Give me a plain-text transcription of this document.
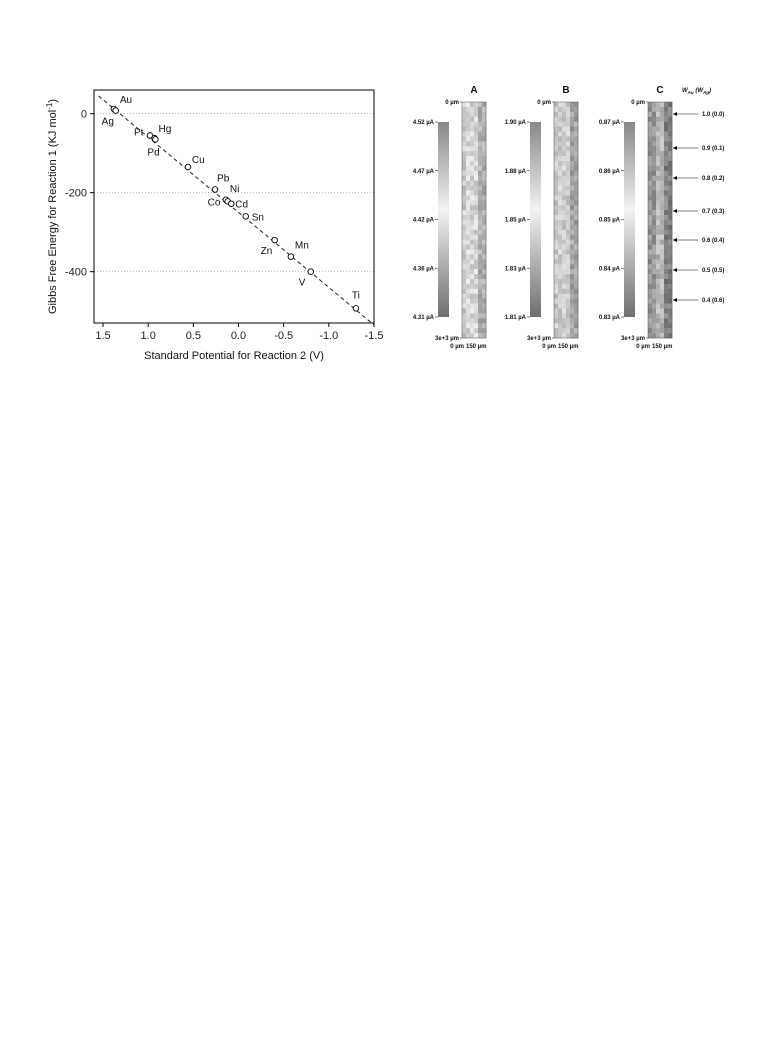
1.5	1.0	0.5	0.0	-0.5 -1.0 -1.5
0
-200
-400
Au
Ag
Pt Hg
Pd
Cu
Pb
Ni
Co Cd
Sn
Zn Mn
V
Ti
Standard Potential for Reaction 2 (V)
Gibbs Free Energy for Reaction 1 (KJ mol$^{-1}$)
A
4.52 µA
4.47 µA
4.42 µA
4.36 µA
4.31 µA
0 µm
3e+3 µm
0 µm 150 µm
B
1.90 µA
1.88 µA
1.85 µA
1.83 µA
1.81 µA
0 µm
3e+3 µm
0 µm 150 µm
C
0.87 µA
0.86 µA
0.85 µA
0.84 µA
0.83 µA
0 µm
3e+3 µm
0 µm 150 µm
$W_{Au}$ $(W_{Ag})$
1.0 (0.0)
0.9 (0.1)
0.8 (0.2)
0.7 (0.3)
0.6 (0.4)
0.5 (0.5)
0.4 (0.6)
